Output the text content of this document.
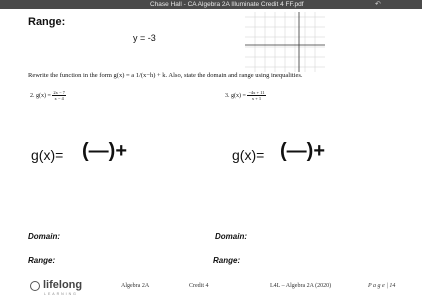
Chase Hall - CA Algebra 2A Illuminate Credit 4 FF.pdf	↶
Range:
y = -3
Rewrite the function in the form g(x) = a 1/(x−h) + k. Also, state the domain and range using inequalities.
2. $g(x) = \frac{2x - 7}{x - 4}$	3. $g(x) = \frac{-4x + 11}{x + 1}$
g(x)= (—)+	g(x)= (—)+
Domain:	Domain:
Range:	Range:
lifelong
LEARNING
Algebra 2A	Credit 4	L4L – Algebra 2A (2020)	P a g e | 14
